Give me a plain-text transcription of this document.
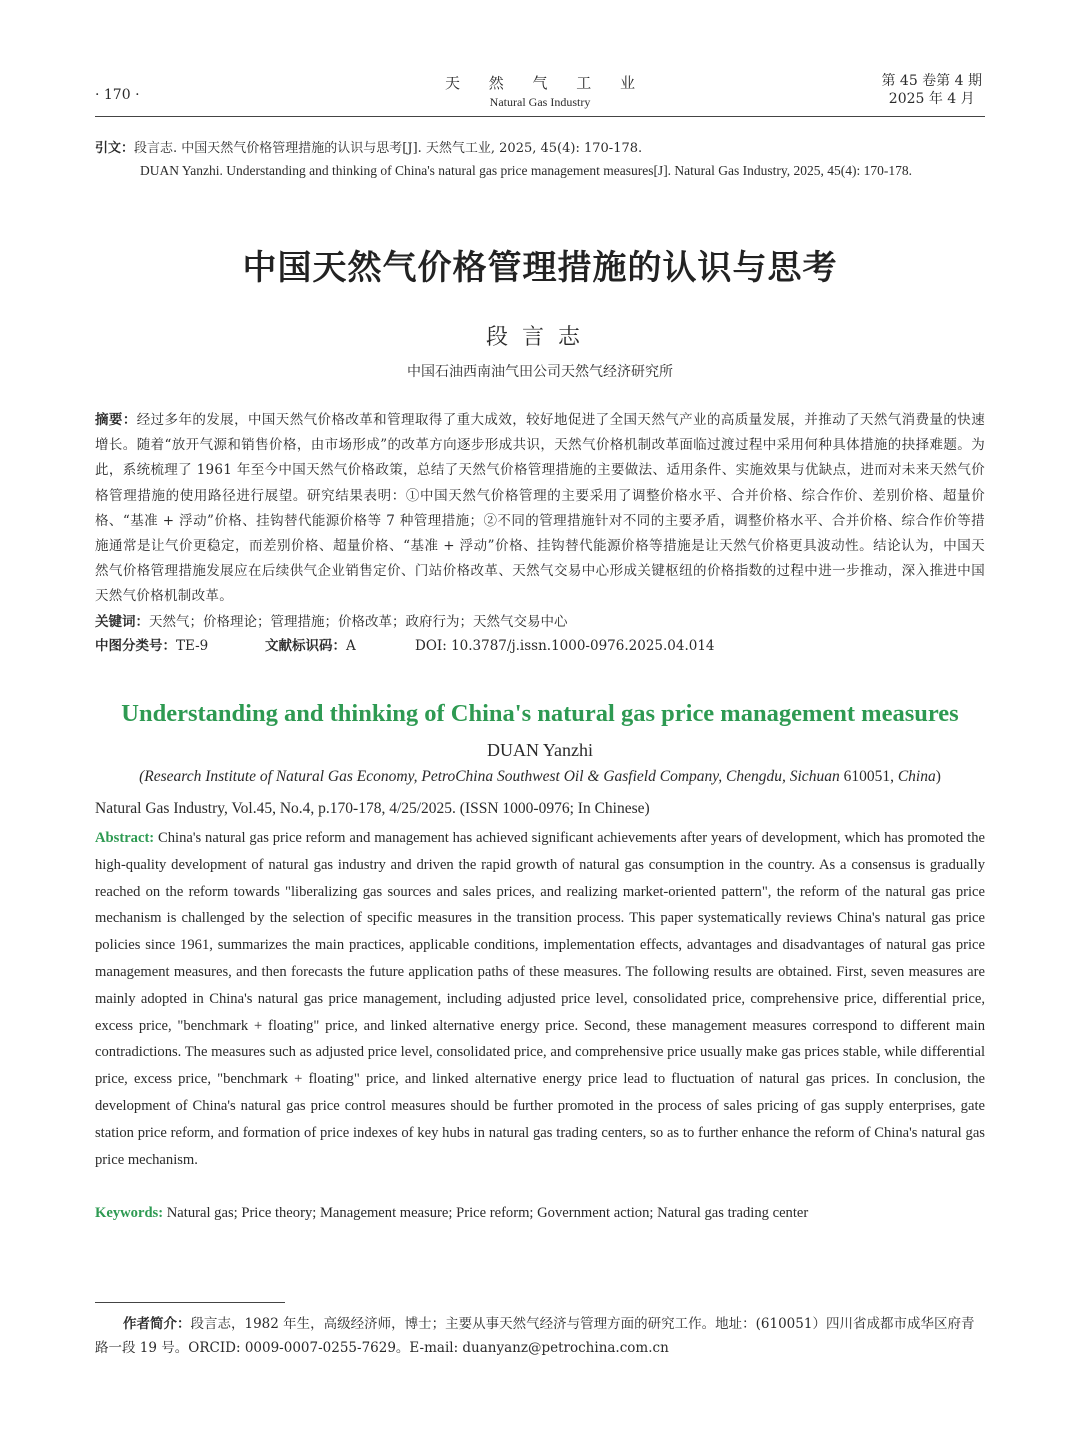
· 170 ·
天 然 气 工 业
Natural Gas Industry
第 45 卷第 4 期
2025 年 4 月
引文：段言志. 中国天然气价格管理措施的认识与思考[J]. 天然气工业, 2025, 45(4): 170-178.
DUAN Yanzhi. Understanding and thinking of China's natural gas price management measures[J]. Natural Gas Industry, 2025, 45(4): 170-178.
中国天然气价格管理措施的认识与思考
段言志
中国石油西南油气田公司天然气经济研究所
摘要：经过多年的发展，中国天然气价格改革和管理取得了重大成效，较好地促进了全国天然气产业的高质量发展，并推动了天然气消费量的快速增长。随着“放开气源和销售价格，由市场形成”的改革方向逐步形成共识，天然气价格机制改革面临过渡过程中采用何种具体措施的抉择难题。为此，系统梳理了 1961 年至今中国天然气价格政策，总结了天然气价格管理措施的主要做法、适用条件、实施效果与优缺点，进而对未来天然气价格管理措施的使用路径进行展望。研究结果表明：①中国天然气价格管理的主要采用了调整价格水平、合并价格、综合作价、差别价格、超量价格、“基准 + 浮动”价格、挂钩替代能源价格等 7 种管理措施；②不同的管理措施针对不同的主要矛盾，调整价格水平、合并价格、综合作价等措施通常是让气价更稳定，而差别价格、超量价格、“基准 + 浮动”价格、挂钩替代能源价格等措施是让天然气价格更具波动性。结论认为，中国天然气价格管理措施发展应在后续供气企业销售定价、门站价格改革、天然气交易中心形成关键枢纽的价格指数的过程中进一步推动，深入推进中国天然气价格机制改革。
关键词：天然气；价格理论；管理措施；价格改革；政府行为；天然气交易中心
中图分类号：TE-9	文献标识码：A	DOI: 10.3787/j.issn.1000-0976.2025.04.014
Understanding and thinking of China's natural gas price management measures
DUAN Yanzhi
(Research Institute of Natural Gas Economy, PetroChina Southwest Oil & Gasfield Company, Chengdu, Sichuan 610051, China)
Natural Gas Industry, Vol.45, No.4, p.170-178, 4/25/2025. (ISSN 1000-0976; In Chinese)
Abstract: China's natural gas price reform and management has achieved significant achievements after years of development, which has promoted the high-quality development of natural gas industry and driven the rapid growth of natural gas consumption in the country. As a consensus is gradually reached on the reform towards "liberalizing gas sources and sales prices, and realizing market-oriented pattern", the reform of the natural gas price mechanism is challenged by the selection of specific measures in the transition process. This paper systematically reviews China's natural gas price policies since 1961, summarizes the main practices, applicable conditions, implementation effects, advantages and disadvantages of natural gas price management measures, and then forecasts the future application paths of these measures. The following results are obtained. First, seven measures are mainly adopted in China's natural gas price management, including adjusted price level, consolidated price, comprehensive price, differential price, excess price, "benchmark + floating" price, and linked alternative energy price. Second, these management measures correspond to different main contradictions. The measures such as adjusted price level, consolidated price, and comprehensive price usually make gas prices stable, while differential price, excess price, "benchmark + floating" price, and linked alternative energy price lead to fluctuation of natural gas prices. In conclusion, the development of China's natural gas price control measures should be further promoted in the process of sales pricing of gas supply enterprises, gate station price reform, and formation of price indexes of key hubs in natural gas trading centers, so as to further enhance the reform of China's natural gas price mechanism.
Keywords: Natural gas; Price theory; Management measure; Price reform; Government action; Natural gas trading center
作者简介：段言志，1982 年生，高级经济师，博士；主要从事天然气经济与管理方面的研究工作。地址：(610051）四川省成都市成华区府青路一段 19 号。ORCID: 0009-0007-0255-7629。E-mail: duanyanz@petrochina.com.cn
